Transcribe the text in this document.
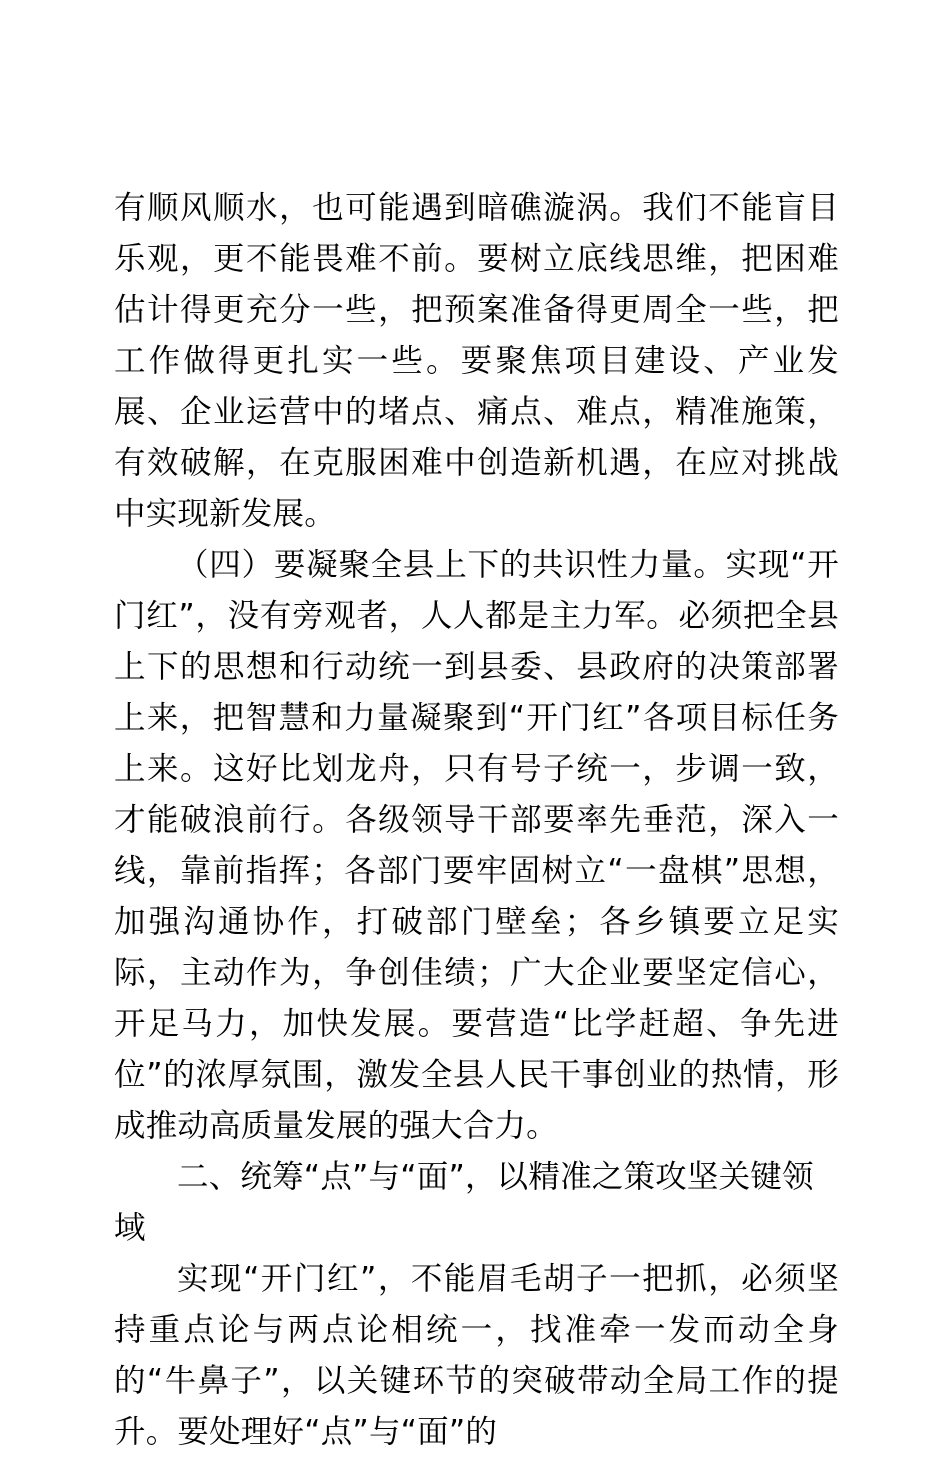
有顺风顺水，也可能遇到暗礁漩涡。我们不能盲目乐观，更不能畏难不前。要树立底线思维，把困难估计得更充分一些，把预案准备得更周全一些，把工作做得更扎实一些。要聚焦项目建设、产业发展、企业运营中的堵点、痛点、难点，精准施策，有效破解，在克服困难中创造新机遇，在应对挑战中实现新发展。

（四）要凝聚全县上下的共识性力量。实现“开门红”，没有旁观者，人人都是主力军。必须把全县上下的思想和行动统一到县委、县政府的决策部署上来，把智慧和力量凝聚到“开门红”各项目标任务上来。这好比划龙舟，只有号子统一，步调一致，才能破浪前行。各级领导干部要率先垂范，深入一线，靠前指挥；各部门要牢固树立“一盘棋”思想，加强沟通协作，打破部门壁垒；各乡镇要立足实际，主动作为，争创佳绩；广大企业要坚定信心，开足马力，加快发展。要营造“比学赶超、争先进位”的浓厚氛围，激发全县人民干事创业的热情，形成推动高质量发展的强大合力。

二、统筹“点”与“面”，以精准之策攻坚关键领域

实现“开门红”，不能眉毛胡子一把抓，必须坚持重点论与两点论相统一，找准牵一发而动全身的“牛鼻子”，以关键环节的突破带动全局工作的提升。要处理好“点”与“面”的
